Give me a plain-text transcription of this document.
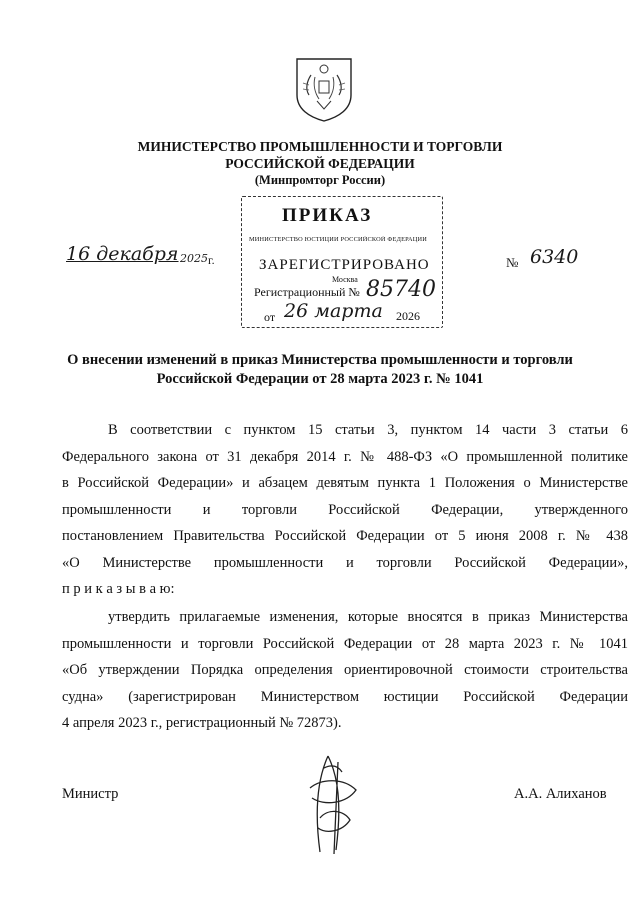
МИНИСТЕРСТВО ПРОМЫШЛЕННОСТИ И ТОРГОВЛИ
РОССИЙСКОЙ ФЕДЕРАЦИИ
(Минпромторг России)
ПРИКАЗ
МИНИСТЕРСТВО ЮСТИЦИИ РОССИЙСКОЙ ФЕДЕРАЦИИ
ЗАРЕГИСТРИРОВАНО
Москва
Регистрационный № 85740
от 26 марта 2026
16 декабря 2025 г.	№ 6340
О внесении изменений в приказ Министерства промышленности и торговли
Российской Федерации от 28 марта 2023 г. № 1041
В соответствии с пунктом 15 статьи 3, пунктом 14 части 3 статьи 6
Федерального закона от 31 декабря 2014 г. № 488-ФЗ «О промышленной политике
в Российской Федерации» и абзацем девятым пункта 1 Положения о Министерстве
промышленности и торговли Российской Федерации, утвержденного
постановлением Правительства Российской Федерации от 5 июня 2008 г. № 438
«О Министерстве промышленности и торговли Российской Федерации»,
п р и к а з ы в а ю:
утвердить прилагаемые изменения, которые вносятся в приказ Министерства
промышленности и торговли Российской Федерации от 28 марта 2023 г. № 1041
«Об утверждении Порядка определения ориентировочной стоимости строительства
судна» (зарегистрирован Министерством юстиции Российской Федерации
4 апреля 2023 г., регистрационный № 72873).
Министр	А.А. Алиханов
